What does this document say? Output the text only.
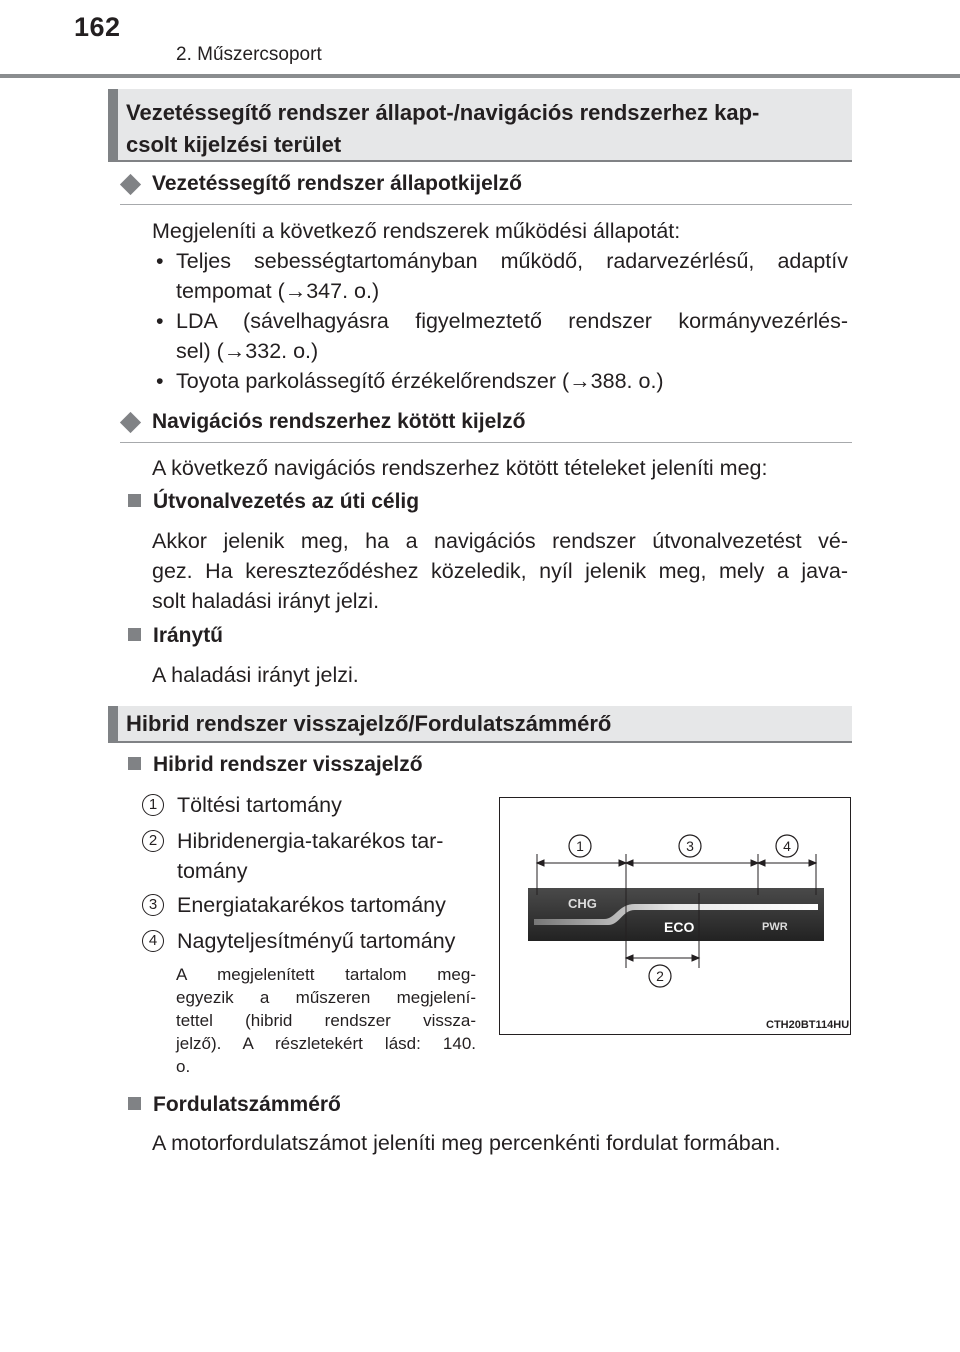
162
2. Műszercsoport
Vezetéssegítő rendszer állapot-/navigációs rendszerhez kap-
csolt kijelzési terület
Vezetéssegítő rendszer állapotkijelző
Megjeleníti a következő rendszerek működési állapotát:
• Teljes sebességtartományban működő, radarvezérlésű, adaptív
tempomat (→347. o.)
• LDA (sávelhagyásra figyelmeztető rendszer kormányvezérlés-
sel) (→332. o.)
• Toyota parkolássegítő érzékelőrendszer (→388. o.)
Navigációs rendszerhez kötött kijelző
A következő navigációs rendszerhez kötött tételeket jeleníti meg:
Útvonalvezetés az úti célig
Akkor jelenik meg, ha a navigációs rendszer útvonalvezetést vé-
gez. Ha kereszteződéshez közeledik, nyíl jelenik meg, mely a java-
solt haladási irányt jelzi.
Iránytű
A haladási irányt jelzi.
Hibrid rendszer visszajelző/Fordulatszámmérő
Hibrid rendszer visszajelző
1 Töltési tartomány
2 Hibridenergia-takarékos tar-
tomány
3 Energiatakarékos tartomány
4 Nagyteljesítményű tartomány
A megjelenített tartalom meg-
egyezik a műszeren megjelení-
tettel (hibrid rendszer vissza-
jelző). A részletekért lásd: 140.
o.
CHG
ECO	PWR
1
2
3	4
CTH20BT114HU
Fordulatszámmérő
A motorfordulatszámot jeleníti meg percenkénti fordulat formában.
